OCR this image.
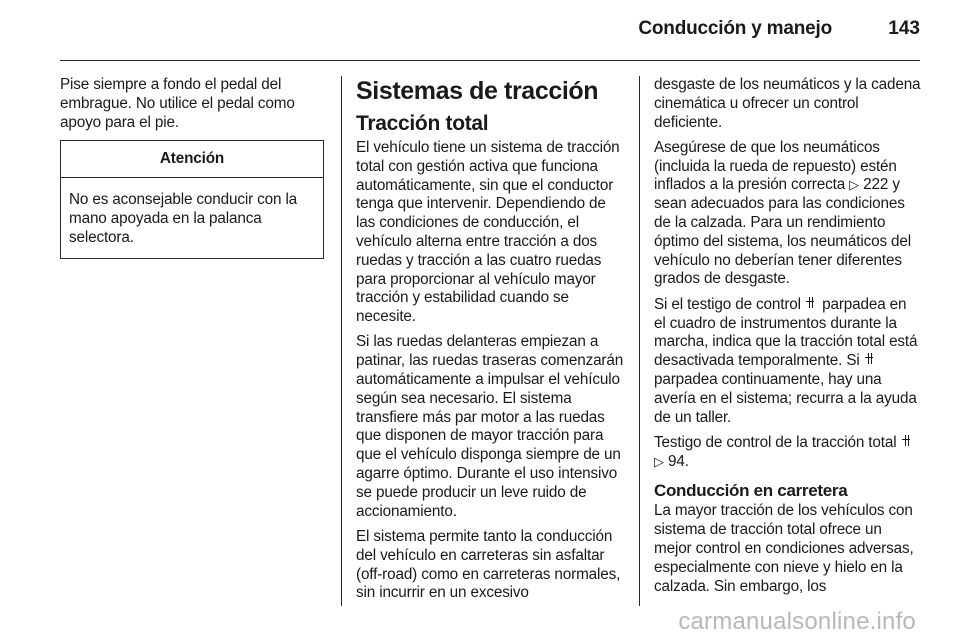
Conducción y manejo	143

Pise siempre a fondo el pedal del embrague. No utilice el pedal como apoyo para el pie.

Atención
No es aconsejable conducir con la mano apoyada en la palanca selectora.
Sistemas de tracción
Tracción total

El vehículo tiene un sistema de tracción total con gestión activa que funciona automáticamente, sin que el conductor tenga que intervenir. Dependiendo de las condiciones de conducción, el vehículo alterna entre tracción a dos ruedas y tracción a las cuatro ruedas para proporcionar al vehículo mayor tracción y estabilidad cuando se necesite.

Si las ruedas delanteras empiezan a patinar, las ruedas traseras comenzarán automáticamente a impulsar el vehículo según sea necesario. El sistema transfiere más par motor a las ruedas que disponen de mayor tracción para que el vehículo disponga siempre de un agarre óptimo. Durante el uso intensivo se puede producir un leve ruido de accionamiento.

El sistema permite tanto la conducción del vehículo en carreteras sin asfaltar (off-road) como en carreteras normales, sin incurrir en un excesivo

desgaste de los neumáticos y la cadena cinemática u ofrecer un control deficiente.

Asegúrese de que los neumáticos (incluida la rueda de repuesto) estén inflados a la presión correcta ▷ 222 y sean adecuados para las condiciones de la calzada. Para un rendimiento óptimo del sistema, los neumáticos del vehículo no deberían tener diferentes grados de desgaste.

Si el testigo de control  parpadea en el cuadro de instrumentos durante la marcha, indica que la tracción total está desactivada temporalmente. Si  parpadea continuamente, hay una avería en el sistema; recurra a la ayuda de un taller.

Testigo de control de la tracción total ▷ 94.

Conducción en carretera

La mayor tracción de los vehículos con sistema de tracción total ofrece un mejor control en condiciones adversas, especialmente con nieve y hielo en la calzada. Sin embargo, los

carmanualsonline.info
